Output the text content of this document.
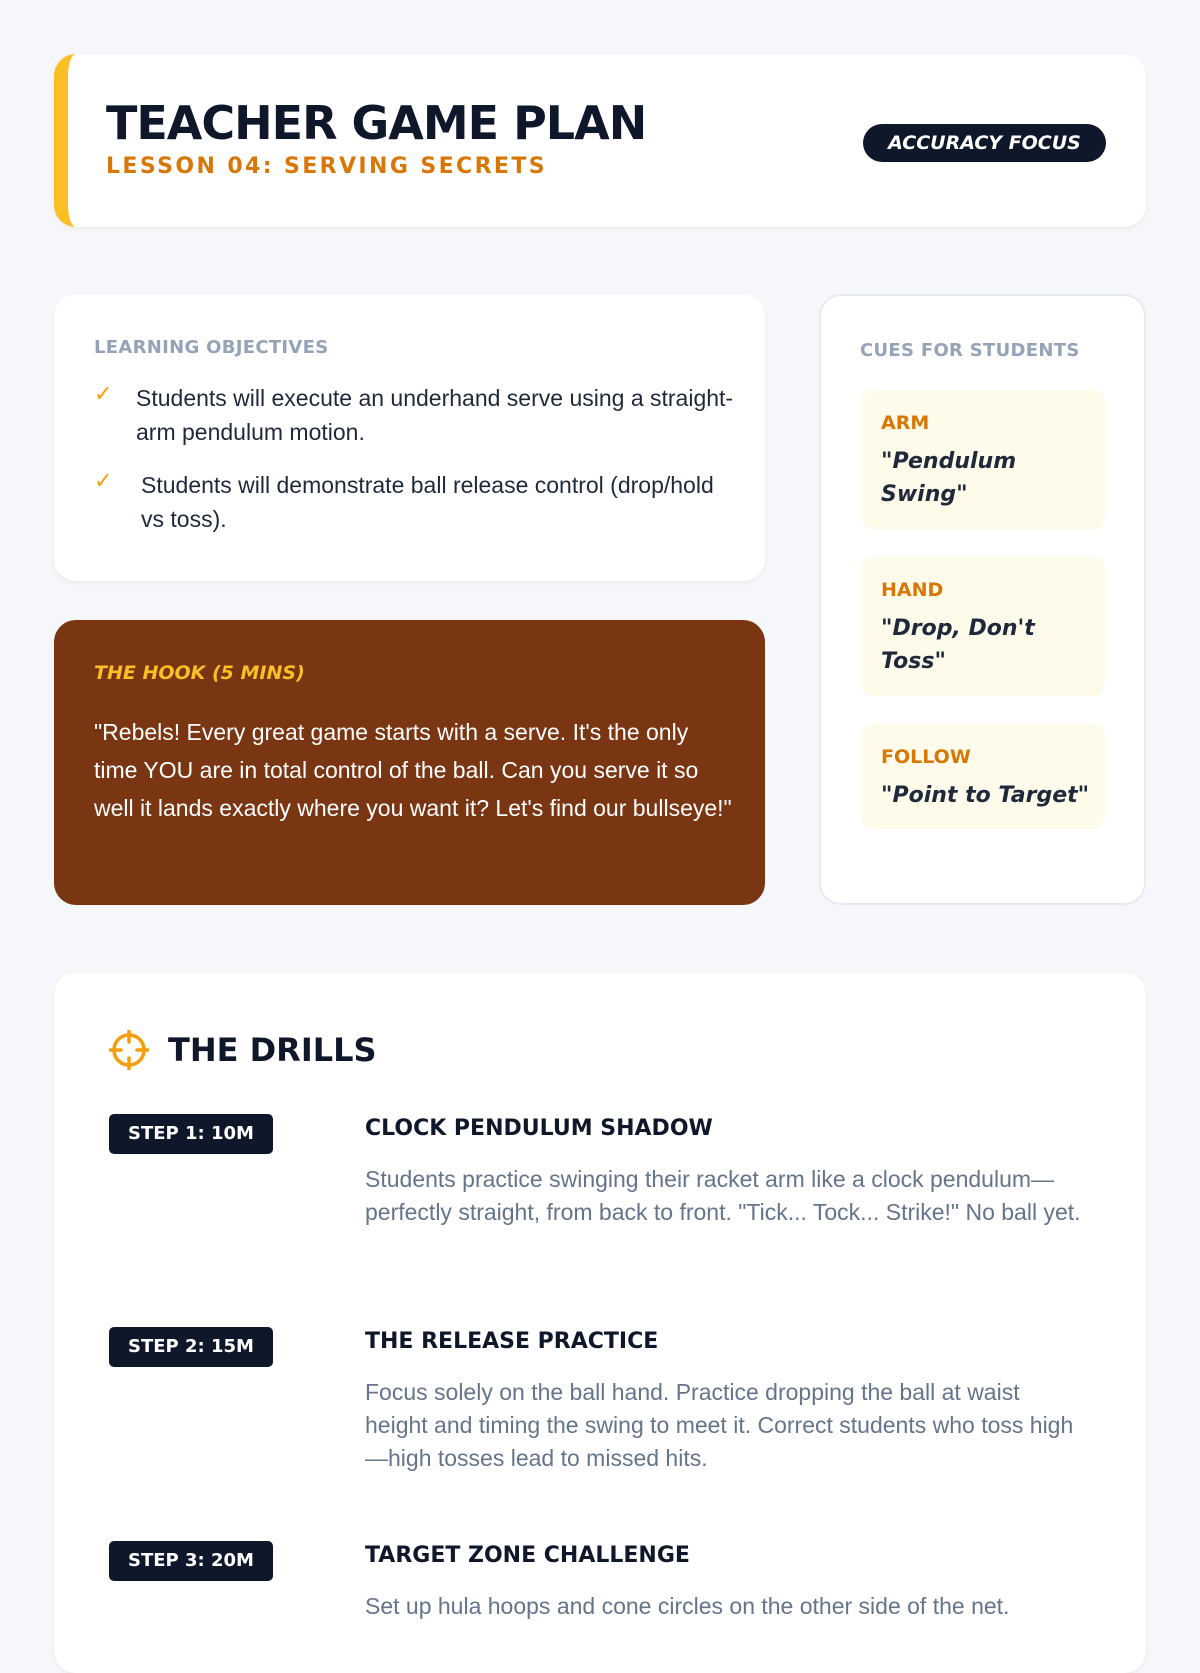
TEACHER GAME PLAN
LESSON 04: SERVING SECRETS
ACCURACY FOCUS
LEARNING OBJECTIVES
✓ Students will execute an underhand serve using a straight-arm pendulum motion.
✓ Students will demonstrate ball release control (drop/hold vs toss).
THE HOOK (5 MINS)
"Rebels! Every great game starts with a serve. It's the only time YOU are in total control of the ball. Can you serve it so well it lands exactly where you want it? Let's find our bullseye!"
CUES FOR STUDENTS
ARM
"Pendulum Swing"
HAND
"Drop, Don't Toss"
FOLLOW
"Point to Target"
THE DRILLS
STEP 1: 10M	CLOCK PENDULUM SHADOW
Students practice swinging their racket arm like a clock pendulum—perfectly straight, from back to front. "Tick... Tock... Strike!" No ball yet.
STEP 2: 15M	THE RELEASE PRACTICE
Focus solely on the ball hand. Practice dropping the ball at waist height and timing the swing to meet it. Correct students who toss high—high tosses lead to missed hits.
STEP 3: 20M	TARGET ZONE CHALLENGE
Set up hula hoops and cone circles on the other side of the net.
